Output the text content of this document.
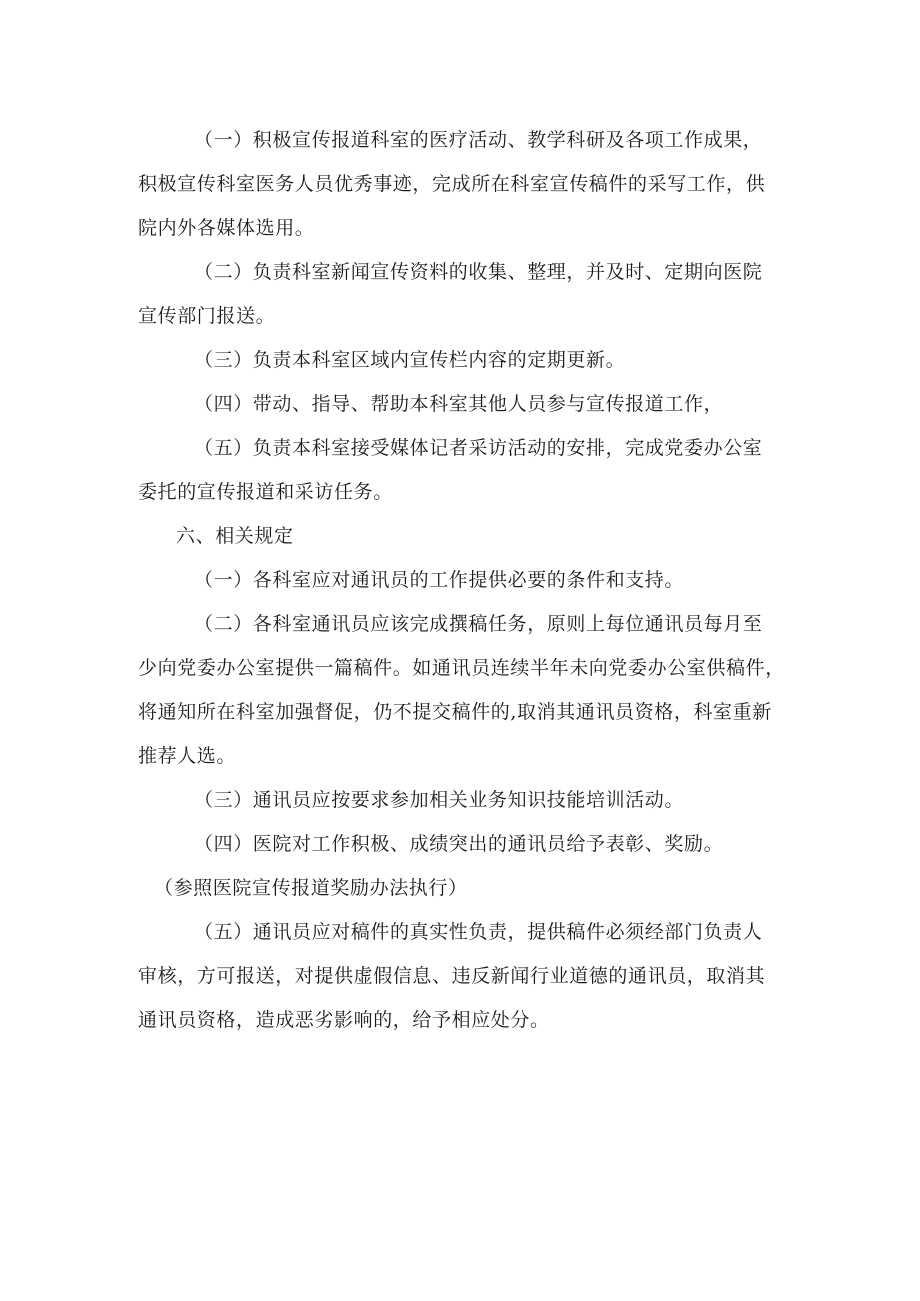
（一）积极宣传报道科室的医疗活动、教学科研及各项工作成果，
积极宣传科室医务人员优秀事迹，完成所在科室宣传稿件的采写工作，供
院内外各媒体选用。
（二）负责科室新闻宣传资料的收集、整理，并及时、定期向医院
宣传部门报送。
（三）负责本科室区域内宣传栏内容的定期更新。
（四）带动、指导、帮助本科室其他人员参与宣传报道工作，
（五）负责本科室接受媒体记者采访活动的安排，完成党委办公室
委托的宣传报道和采访任务。
六、相关规定
（一）各科室应对通讯员的工作提供必要的条件和支持。
（二）各科室通讯员应该完成撰稿任务，原则上每位通讯员每月至
少向党委办公室提供一篇稿件。如通讯员连续半年未向党委办公室供稿件，
将通知所在科室加强督促，仍不提交稿件的,取消其通讯员资格，科室重新
推荐人选。
（三）通讯员应按要求参加相关业务知识技能培训活动。
（四）医院对工作积极、成绩突出的通讯员给予表彰、奖励。
（参照医院宣传报道奖励办法执行）
（五）通讯员应对稿件的真实性负责，提供稿件必须经部门负责人
审核，方可报送，对提供虚假信息、违反新闻行业道德的通讯员，取消其
通讯员资格，造成恶劣影响的，给予相应处分。
